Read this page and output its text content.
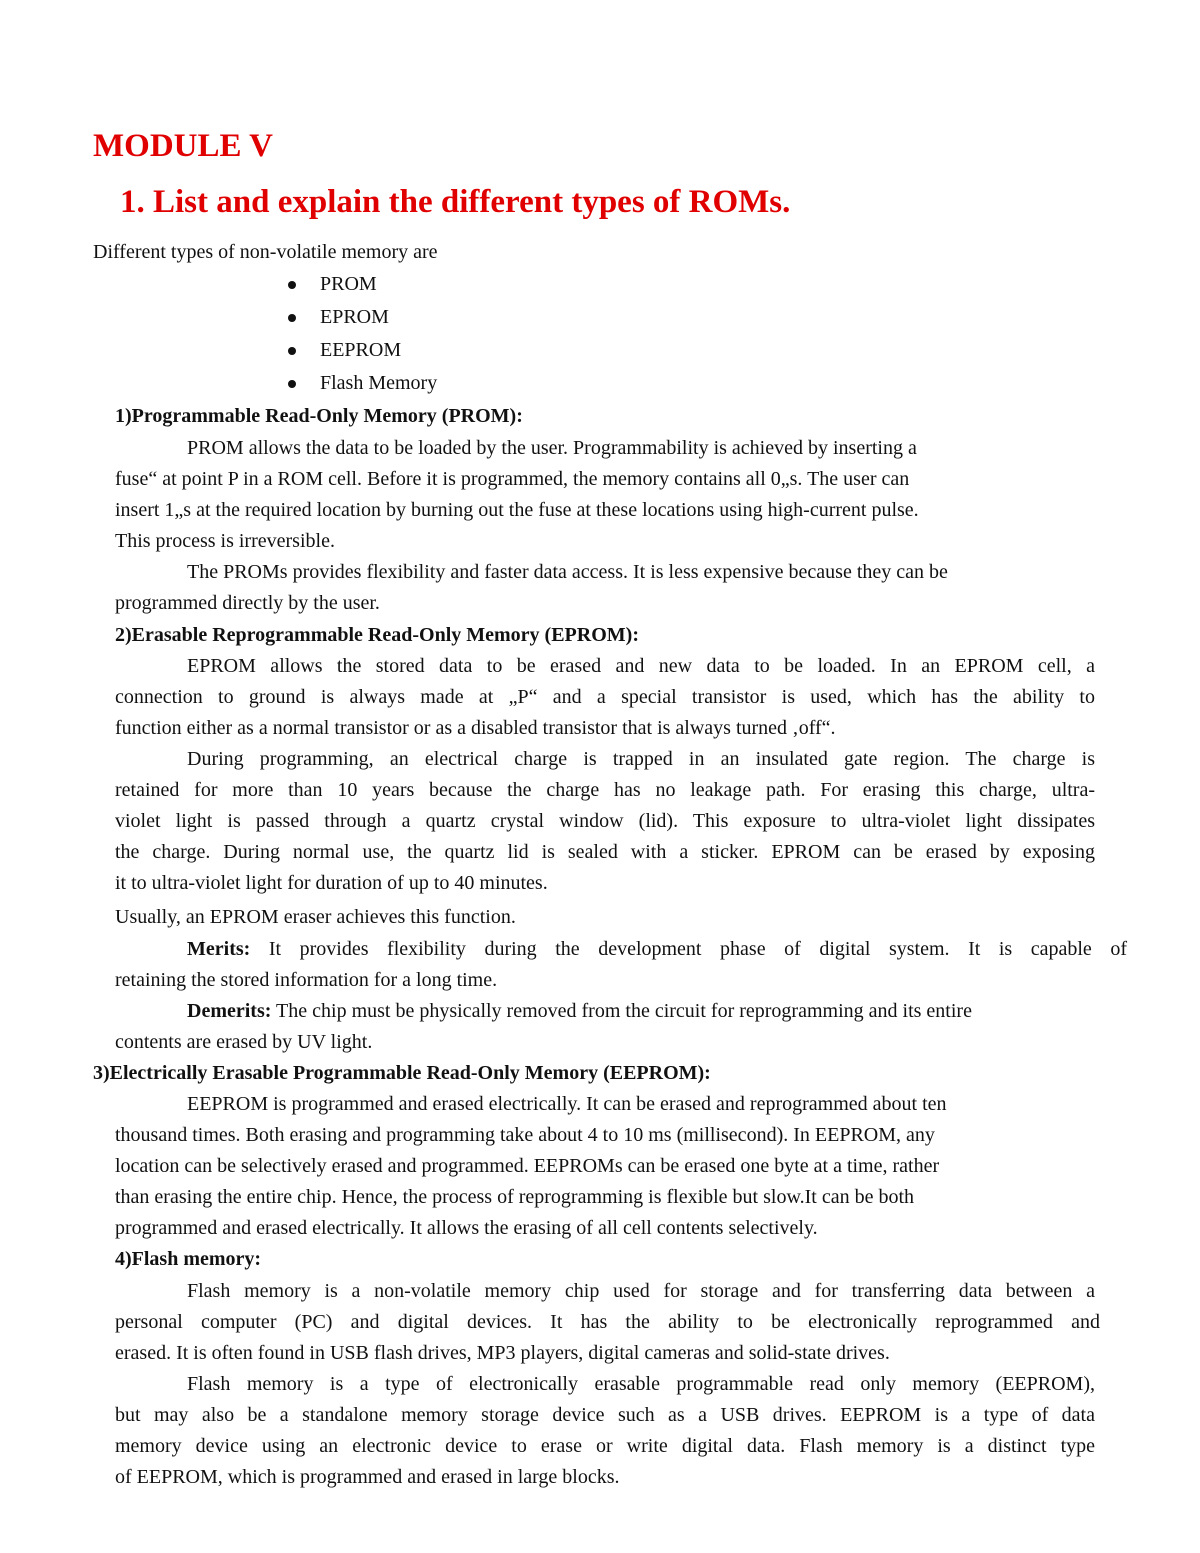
MODULE V
1. List and explain the different types of ROMs.

Different types of non-volatile memory are

PROM
EPROM
EEPROM
Flash Memory

1)Programmable Read-Only Memory (PROM):

PROM allows the data to be loaded by the user. Programmability is achieved by inserting a

fuse“ at point P in a ROM cell. Before it is programmed, the memory contains all 0„s. The user can

insert 1„s at the required location by burning out the fuse at these locations using high-current pulse.

This process is irreversible.

The PROMs provides flexibility and faster data access. It is less expensive because they can be

programmed directly by the user.

2)Erasable Reprogrammable Read-Only Memory (EPROM):

EPROM allows the stored data to be erased and new data to be loaded. In an EPROM cell, a

connection to ground is always made at „P“ and a special transistor is used, which has the ability to

function either as a normal transistor or as a disabled transistor that is always turned ‚off“.

During programming, an electrical charge is trapped in an insulated gate region. The charge is

retained for more than 10 years because the charge has no leakage path. For erasing this charge, ultra-

violet light is passed through a quartz crystal window (lid). This exposure to ultra-violet light dissipates

the charge. During normal use, the quartz lid is sealed with a sticker. EPROM can be erased by exposing

it to ultra-violet light for duration of up to 40 minutes.

Usually, an EPROM eraser achieves this function.

Merits: It provides flexibility during the development phase of digital system. It is capable of

retaining the stored information for a long time.

Demerits: The chip must be physically removed from the circuit for reprogramming and its entire

contents are erased by UV light.

3)Electrically Erasable Programmable Read-Only Memory (EEPROM):

EEPROM is programmed and erased electrically. It can be erased and reprogrammed about ten

thousand times. Both erasing and programming take about 4 to 10 ms (millisecond). In EEPROM, any

location can be selectively erased and programmed. EEPROMs can be erased one byte at a time, rather

than erasing the entire chip. Hence, the process of reprogramming is flexible but slow.It can be both

programmed and erased electrically. It allows the erasing of all cell contents selectively.

4)Flash memory:

Flash memory is a non-volatile memory chip used for storage and for transferring data between a

personal computer (PC) and digital devices. It has the ability to be electronically reprogrammed and

erased. It is often found in USB flash drives, MP3 players, digital cameras and solid-state drives.

Flash memory is a type of electronically erasable programmable read only memory (EEPROM),

but may also be a standalone memory storage device such as a USB drives. EEPROM is a type of data

memory device using an electronic device to erase or write digital data. Flash memory is a distinct type

of EEPROM, which is programmed and erased in large blocks.
